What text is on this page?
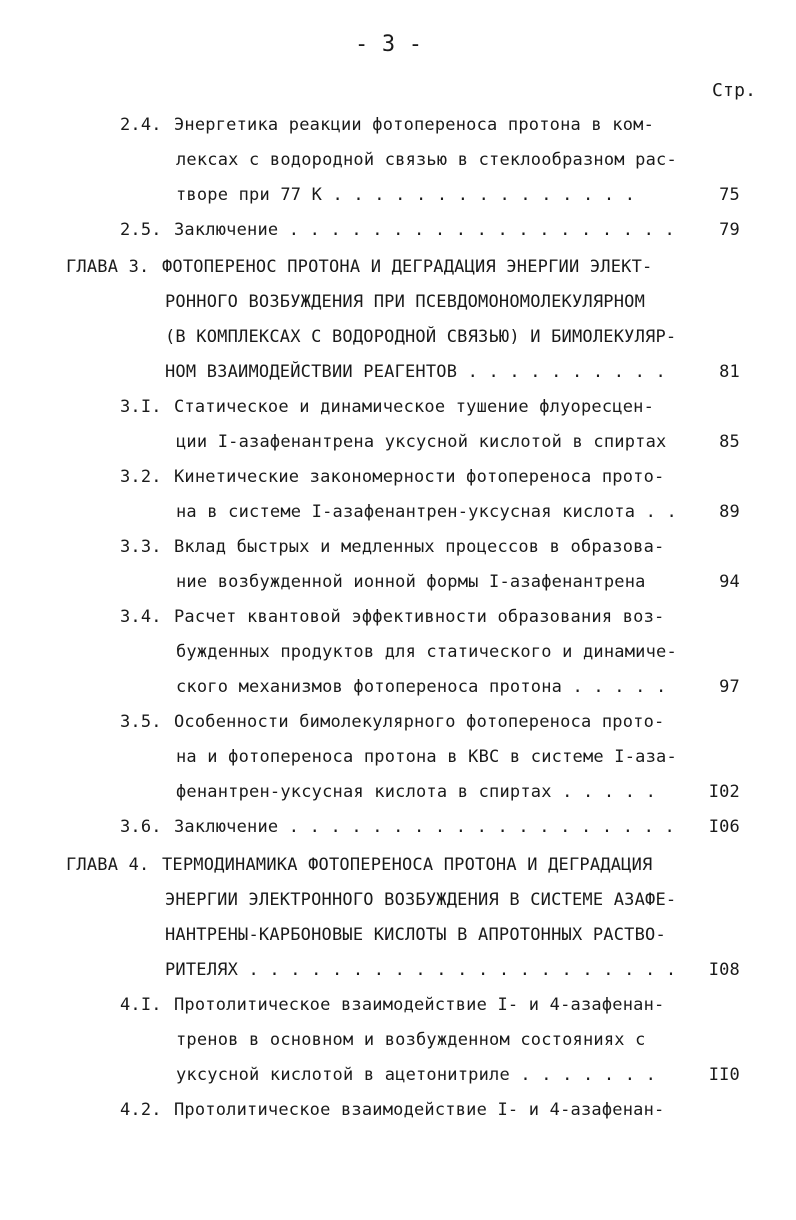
- 3 -
Стр.
2.4. Энергетика реакции фотопереноса протона в ком-
лексах с водородной связью в стеклообразном рас-
творе при 77 К . . . . . . . . . . . . . . .	75
2.5. Заключение . . . . . . . . . . . . . . . . . . .	79
ГЛАВА 3. ФОТОПЕРЕНОС ПРОТОНА И ДЕГРАДАЦИЯ ЭНЕРГИИ ЭЛЕКТ-
РОННОГО ВОЗБУЖДЕНИЯ ПРИ ПСЕВДОМОНОМОЛЕКУЛЯРНОМ
(В КОМПЛЕКСАХ С ВОДОРОДНОЙ СВЯЗЬЮ) И БИМОЛЕКУЛЯР-
НОМ ВЗАИМОДЕЙСТВИИ РЕАГЕНТОВ . . . . . . . . . .	81
3.I. Статическое и динамическое тушение флуоресцен-
ции I-азафенантрена уксусной кислотой в спиртах	85
3.2. Кинетические закономерности фотопереноса прото-
на в системе I-азафенантрен-уксусная кислота . .	89
3.3. Вклад быстрых и медленных процессов в образова-
ние возбужденной ионной формы I-азафенантрена	94
3.4. Расчет квантовой эффективности образования воз-
бужденных продуктов для статического и динамиче-
ского механизмов фотопереноса протона . . . . .	97
3.5. Особенности бимолекулярного фотопереноса прото-
на и фотопереноса протона в КВС в системе I-аза-
фенантрен-уксусная кислота в спиртах . . . . .	I02
3.6. Заключение . . . . . . . . . . . . . . . . . . .	I06
ГЛАВА 4. ТЕРМОДИНАМИКА ФОТОПЕРЕНОСА ПРОТОНА И ДЕГРАДАЦИЯ
ЭНЕРГИИ ЭЛЕКТРОННОГО ВОЗБУЖДЕНИЯ В СИСТЕМЕ АЗАФЕ-
НАНТРЕНЫ-КАРБОНОВЫЕ КИСЛОТЫ В АПРОТОННЫХ РАСТВО-
РИТЕЛЯХ . . . . . . . . . . . . . . . . . . . . .	I08
4.I. Протолитическое взаимодействие I- и 4-азафенан-
тренов в основном и возбужденном состояниях с
уксусной кислотой в ацетонитриле . . . . . . .	II0
4.2. Протолитическое взаимодействие I- и 4-азафенан-
